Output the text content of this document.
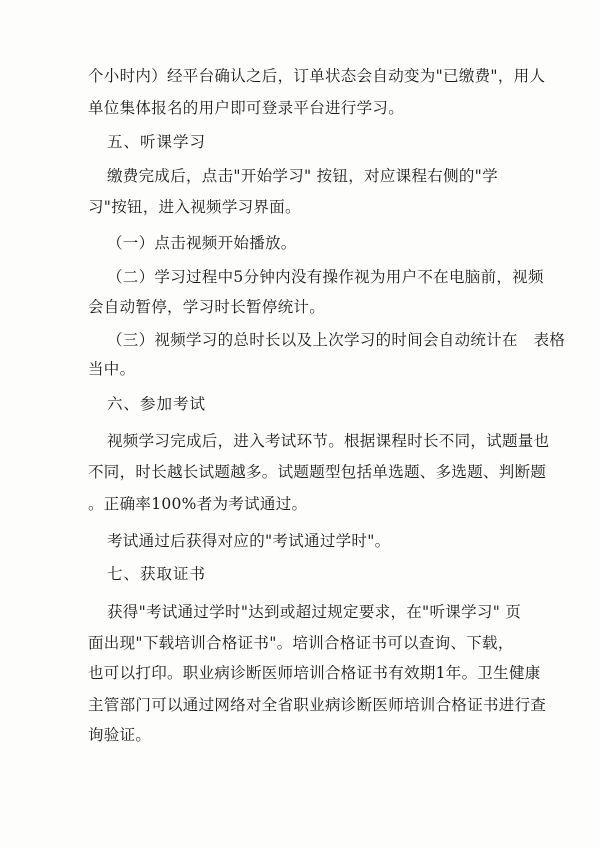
个小时内）经平台确认之后，订单状态会自动变为"已缴费"，用人
单位集体报名的用户即可登录平台进行学习。
五、听课学习
缴费完成后，点击"开始学习" 按钮，对应课程右侧的"学
习"按钮，进入视频学习界面。
（一）点击视频开始播放。
（二）学习过程中5分钟内没有操作视为用户不在电脑前，视频
会自动暂停，学习时长暂停统计。
（三）视频学习的总时长以及上次学习的时间会自动统计在　表格
当中。
六、参加考试
视频学习完成后，进入考试环节。根据课程时长不同，试题量也
不同，时长越长试题越多。试题题型包括单选题、多选题、判断题
。正确率100%者为考试通过。
考试通过后获得对应的"考试通过学时"。
七、获取证书
获得"考试通过学时"达到或超过规定要求，在"听课学习" 页
面出现"下载培训合格证书"。培训合格证书可以查询、下载，
也可以打印。职业病诊断医师培训合格证书有效期1年。卫生健康
主管部门可以通过网络对全省职业病诊断医师培训合格证书进行查
询验证。
